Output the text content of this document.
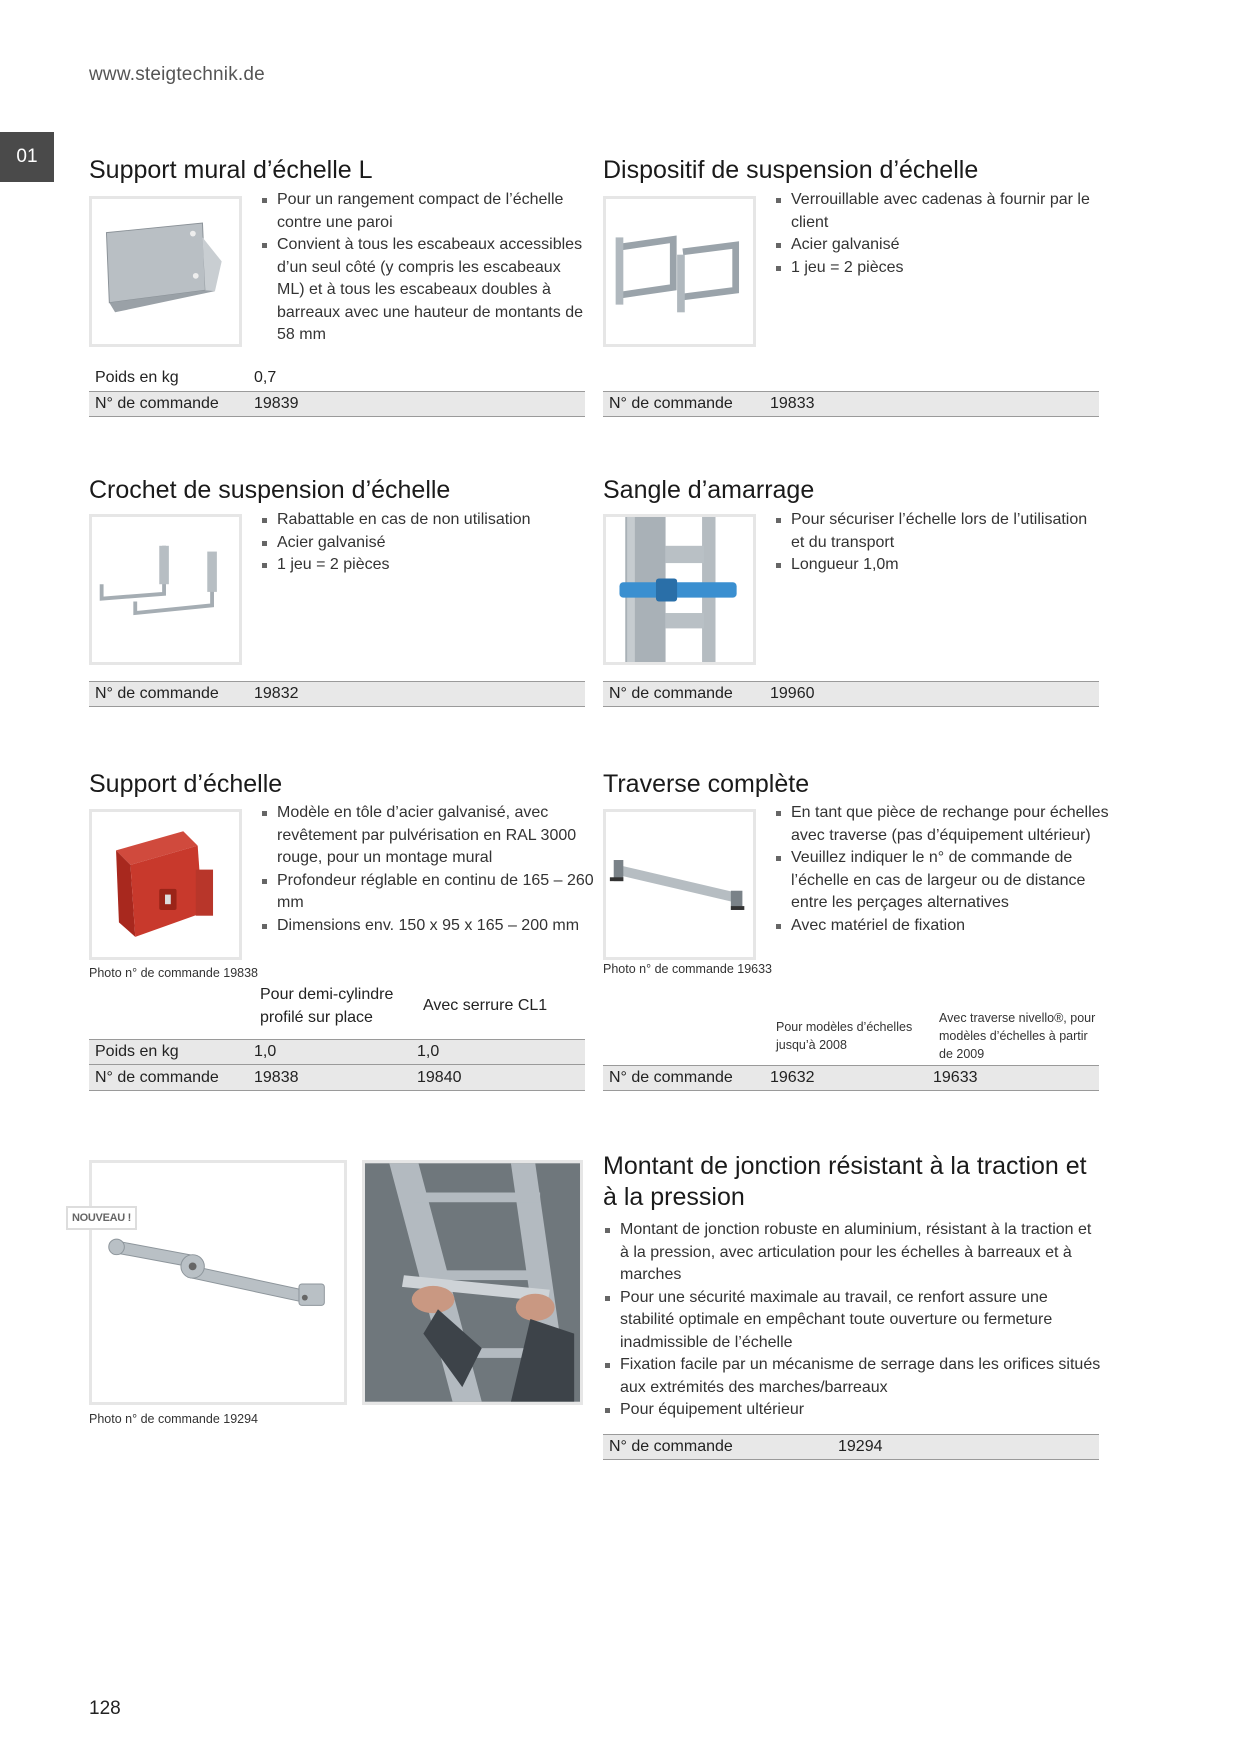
www.steigtechnik.de
01	Support mural d’échelle L
Pour un rangement compact de l’échelle contre une paroi
Convient à tous les escabeaux accessibles d’un seul côté (y compris les escabeaux ML) et à tous les escabeaux doubles à barreaux avec une hauteur de montants de 58 mm
Poids en kg	0,7
N° de commande	19839
Dispositif de suspension d’échelle
Verrouillable avec cadenas à fournir par le client
Acier galvanisé
1 jeu = 2 pièces
N° de commande	19833
Crochet de suspension d’échelle
Rabattable en cas de non utilisation
Acier galvanisé
1 jeu = 2 pièces
N° de commande	19832
Sangle d’amarrage
Pour sécuriser l’échelle lors de l’utilisation et du transport
Longueur 1,0m
N° de commande	19960
Support d’échelle
Modèle en tôle d’acier galvanisé, avec revêtement par pulvérisation en RAL 3000 rouge, pour un montage mural
Profondeur réglable en continu de 165 – 260 mm
Dimensions env. 150 x 95 x 165 – 200 mm
Photo n° de commande 19838
Pour demi-cylindre profilé sur place
Avec serrure CL1
Poids en kg	1,0	1,0
N° de commande	19838	19840
Traverse complète
En tant que pièce de rechange pour échelles avec traverse (pas d’équipement ultérieur)
Veuillez indiquer le n° de commande de l’échelle en cas de largeur ou de distance entre les perçages alternatives
Avec matériel de fixation
Photo n° de commande 19633
Pour modèles d’échelles jusqu’à 2008
Avec traverse nivello®, pour modèles d’échelles à partir de 2009
N° de commande	19632	19633
NOUVEAU !
Photo n° de commande 19294
Montant de jonction résistant à la traction et à la pression
Montant de jonction robuste en aluminium, résistant à la traction et à la pression, avec articulation pour les échelles à barreaux et à marches
Pour une sécurité maximale au travail, ce renfort assure une stabilité optimale en empêchant toute ouverture ou fermeture inadmissible de l’échelle
Fixation facile par un mécanisme de serrage dans les orifices situés aux extrémités des marches/barreaux
Pour équipement ultérieur
N° de commande	19294
128
